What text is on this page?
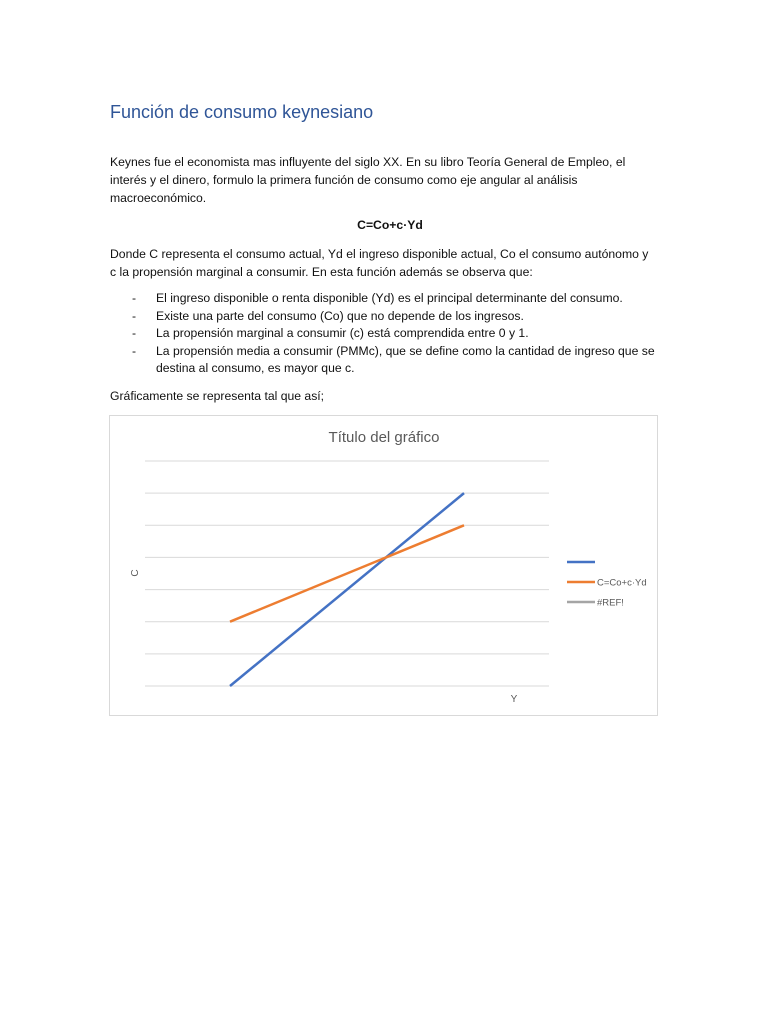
Función de consumo keynesiano

Keynes fue el economista mas influyente del siglo XX. En su libro Teoría General de Empleo, el interés y el dinero, formulo la primera función de consumo como eje angular al análisis macroeconómico.

C=Co+c·Yd

Donde C representa el consumo actual, Yd el ingreso disponible actual, Co el consumo autónomo y c la propensión marginal a consumir. En esta función además se observa que:

- El ingreso disponible o renta disponible (Yd) es el principal determinante del consumo.
- Existe una parte del consumo (Co) que no depende de los ingresos.
- La propensión marginal a consumir (c) está comprendida entre 0 y 1.
- La propensión media a consumir (PMMc), que se define como la cantidad de ingreso que se destina al consumo, es mayor que c.

Gráficamente se representa tal que así;

Título del gráfico
Y
C
C=Co+c·Yd
#REF!
